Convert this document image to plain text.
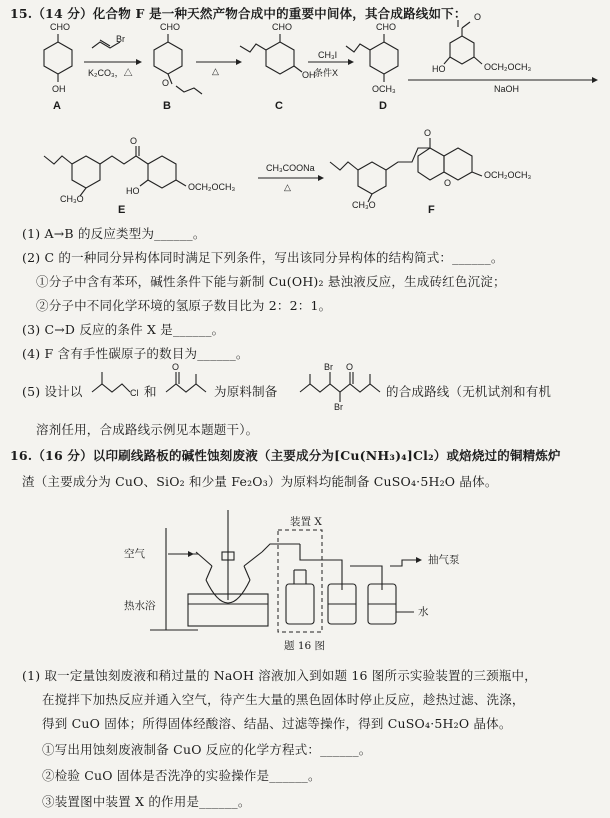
15.（14 分）化合物 F 是一种天然产物合成中的重要中间体，其合成路线如下：
CHO
OH
A
Br
K₂CO₃，△
CHO
O
B
△
CHO
OH
C
CH₃I
条件X
CHO
OCH₃
D
O
HO	OCH₂OCH₃
NaOH
CH₃O
O
HO	OCH₂OCH₃
E
CH₃COONa
△
O
O
CH₃O
OCH₂OCH₃
F
(1) A→B 的反应类型为______。
(2) C 的一种同分异构体同时满足下列条件，写出该同分异构体的结构简式：______。
①分子中含有苯环，碱性条件下能与新制 Cu(OH)₂ 悬浊液反应，生成砖红色沉淀；
②分子中不同化学环境的氢原子数目比为 2：2：1。
(3) C→D 反应的条件 X 是______。
(4) F 含有手性碳原子的数目为______。
(5) 设计以	Cl 和
O
为原料制备
Br O
Br
的合成路线（无机试剂和有机
溶剂任用，合成路线示例见本题题干）。
16.（16 分）以印刷线路板的碱性蚀刻废液（主要成分为[Cu(NH₃)₄]Cl₂）或焙烧过的铜精炼炉
渣（主要成分为 CuO、SiO₂ 和少量 Fe₂O₃）为原料均能制备 CuSO₄·5H₂O 晶体。
装置 X
空气	抽气泵
热水浴	水
题 16 图
(1) 取一定量蚀刻废液和稍过量的 NaOH 溶液加入到如题 16 图所示实验装置的三颈瓶中，
在搅拌下加热反应并通入空气，待产生大量的黑色固体时停止反应，趁热过滤、洗涤，
得到 CuO 固体；所得固体经酸溶、结晶、过滤等操作，得到 CuSO₄·5H₂O 晶体。
①写出用蚀刻废液制备 CuO 反应的化学方程式：______。
②检验 CuO 固体是否洗净的实验操作是______。
③装置图中装置 X 的作用是______。
